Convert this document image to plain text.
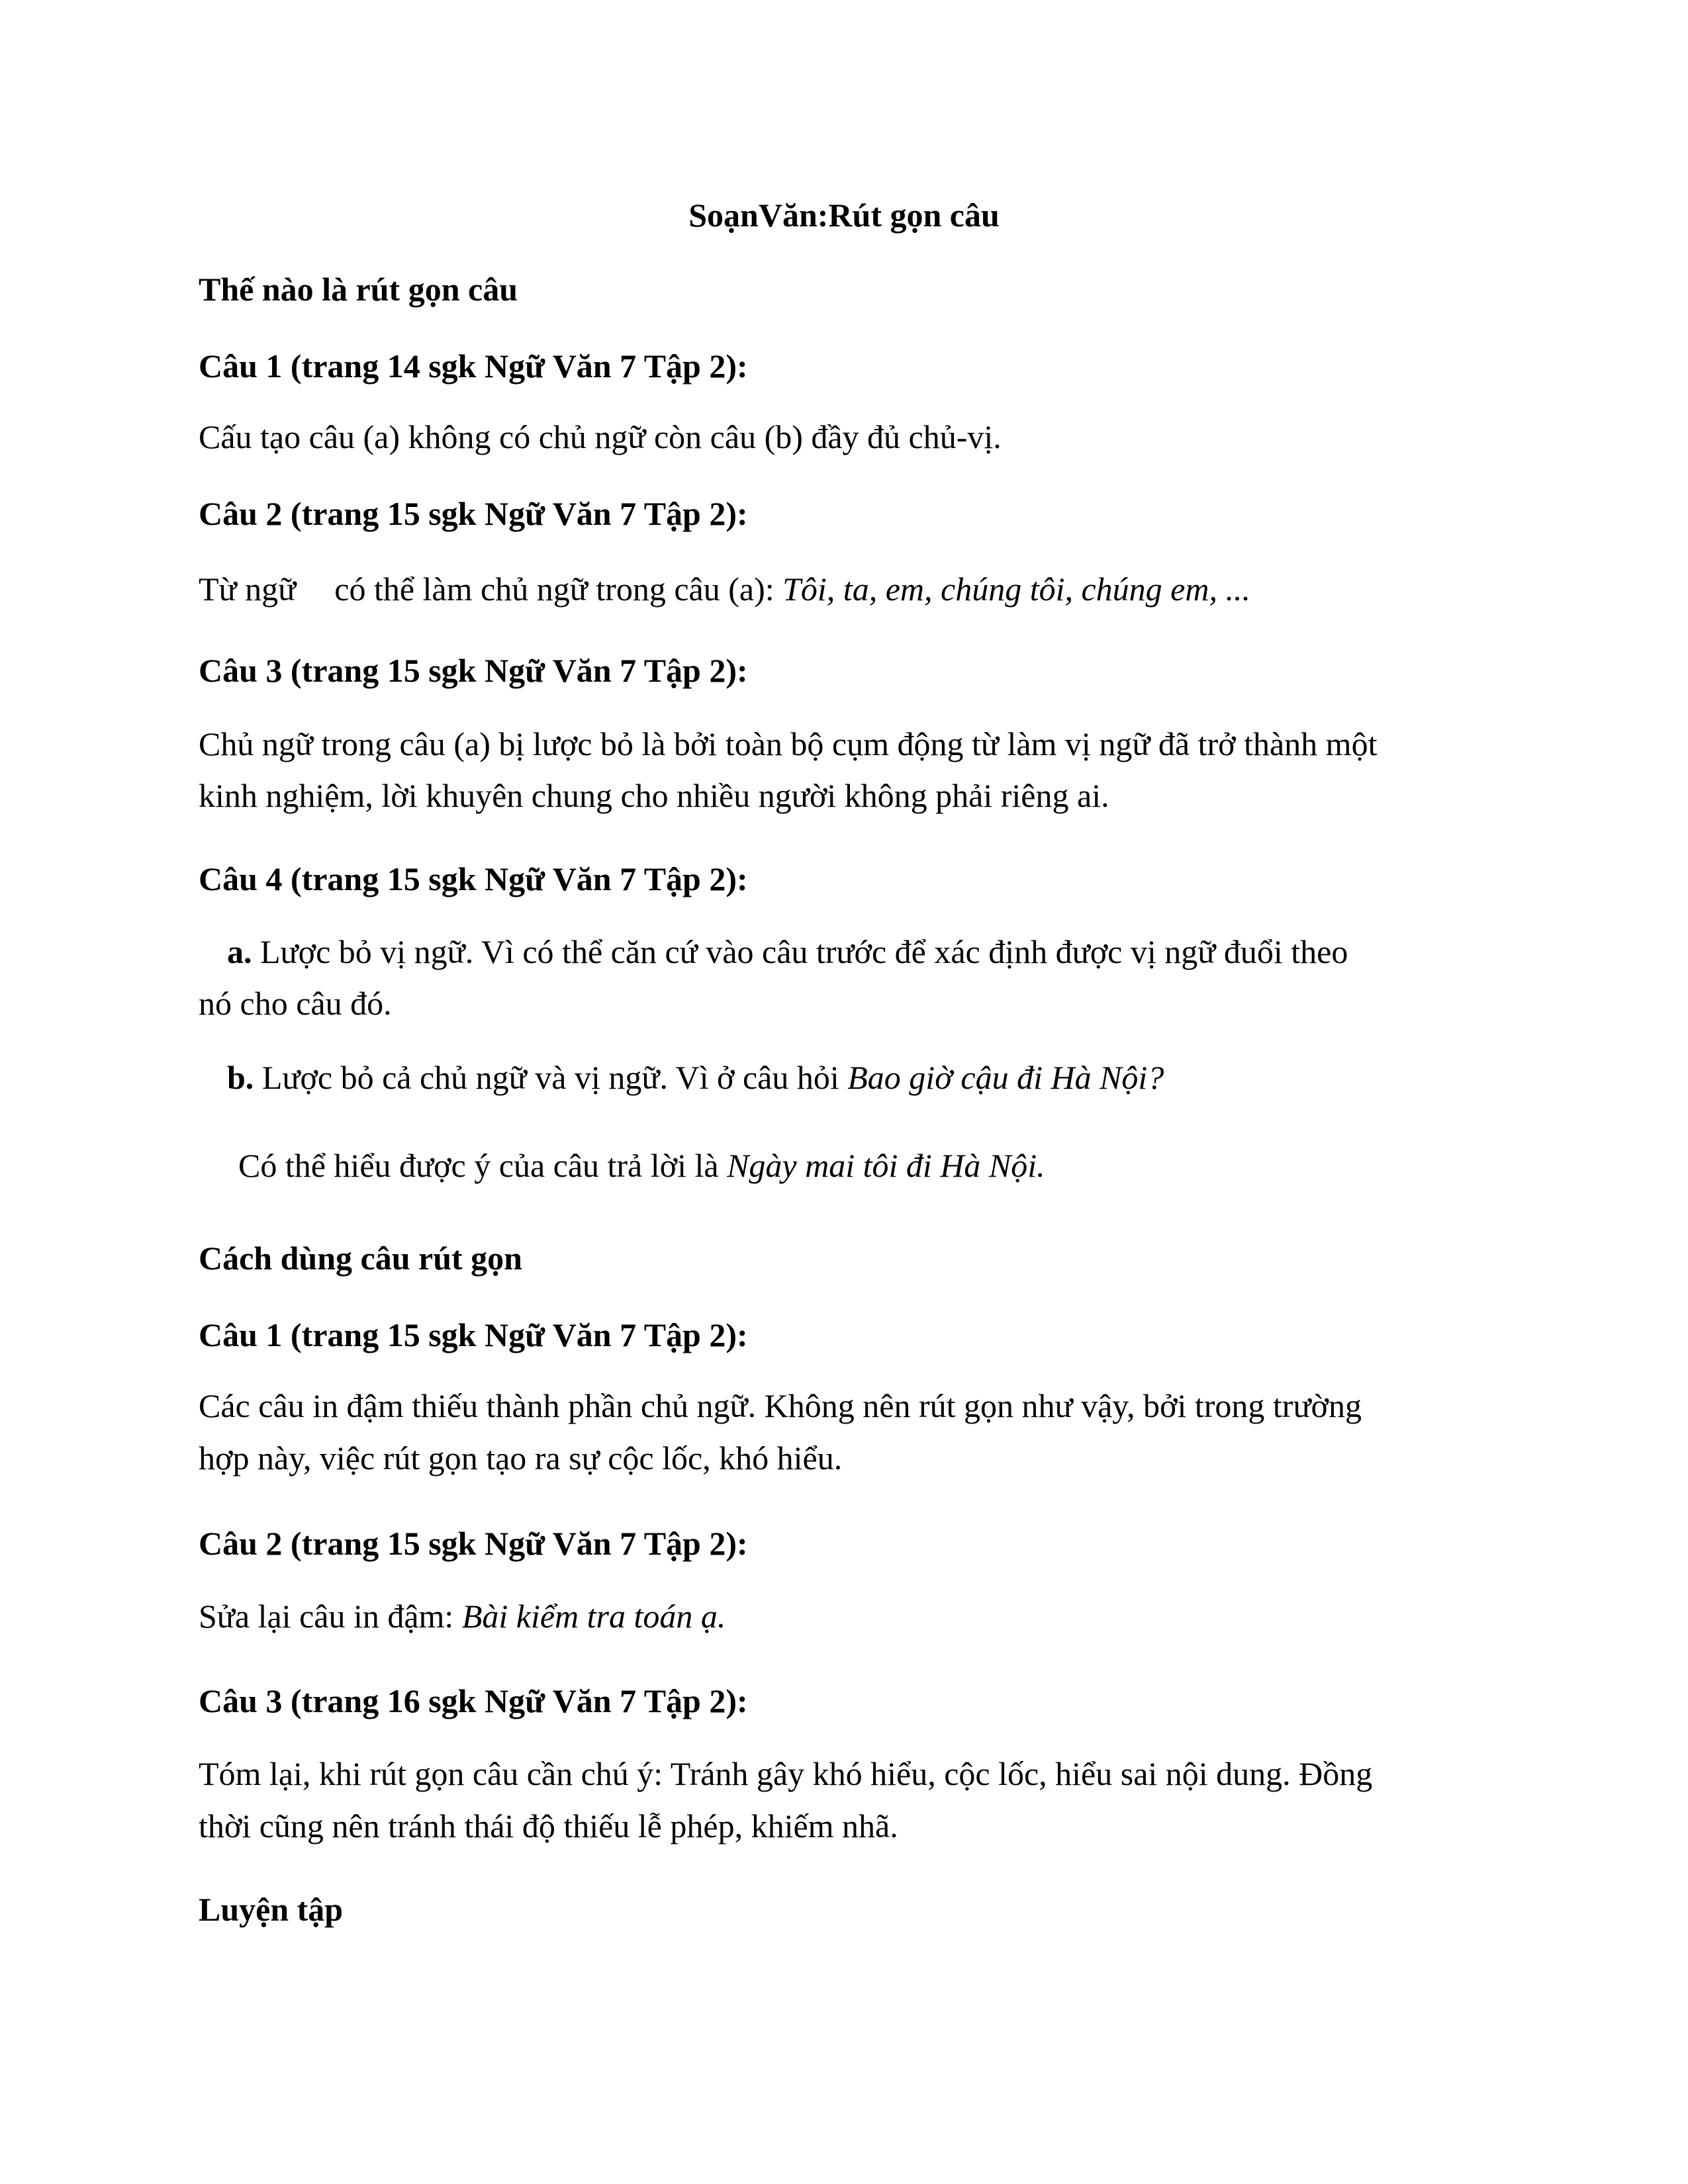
SoạnVăn:Rút gọn câu
Thế nào là rút gọn câu
Câu 1 (trang 14 sgk Ngữ Văn 7 Tập 2):
Cấu tạo câu (a) không có chủ ngữ còn câu (b) đầy đủ chủ-vị.
Câu 2 (trang 15 sgk Ngữ Văn 7 Tập 2):
Từ ngữ có thể làm chủ ngữ trong câu (a): Tôi, ta, em, chúng tôi, chúng em, ...
Câu 3 (trang 15 sgk Ngữ Văn 7 Tập 2):
Chủ ngữ trong câu (a) bị lược bỏ là bởi toàn bộ cụm động từ làm vị ngữ đã trở thành một
kinh nghiệm, lời khuyên chung cho nhiều người không phải riêng ai.
Câu 4 (trang 15 sgk Ngữ Văn 7 Tập 2):
a. Lược bỏ vị ngữ. Vì có thể căn cứ vào câu trước để xác định được vị ngữ đuổi theo
nó cho câu đó.
b. Lược bỏ cả chủ ngữ và vị ngữ. Vì ở câu hỏi Bao giờ cậu đi Hà Nội?
Có thể hiểu được ý của câu trả lời là Ngày mai tôi đi Hà Nội.
Cách dùng câu rút gọn
Câu 1 (trang 15 sgk Ngữ Văn 7 Tập 2):
Các câu in đậm thiếu thành phần chủ ngữ. Không nên rút gọn như vậy, bởi trong trường
hợp này, việc rút gọn tạo ra sự cộc lốc, khó hiểu.
Câu 2 (trang 15 sgk Ngữ Văn 7 Tập 2):
Sửa lại câu in đậm: Bài kiểm tra toán ạ.
Câu 3 (trang 16 sgk Ngữ Văn 7 Tập 2):
Tóm lại, khi rút gọn câu cần chú ý: Tránh gây khó hiểu, cộc lốc, hiểu sai nội dung. Đồng
thời cũng nên tránh thái độ thiếu lễ phép, khiếm nhã.
Luyện tập
